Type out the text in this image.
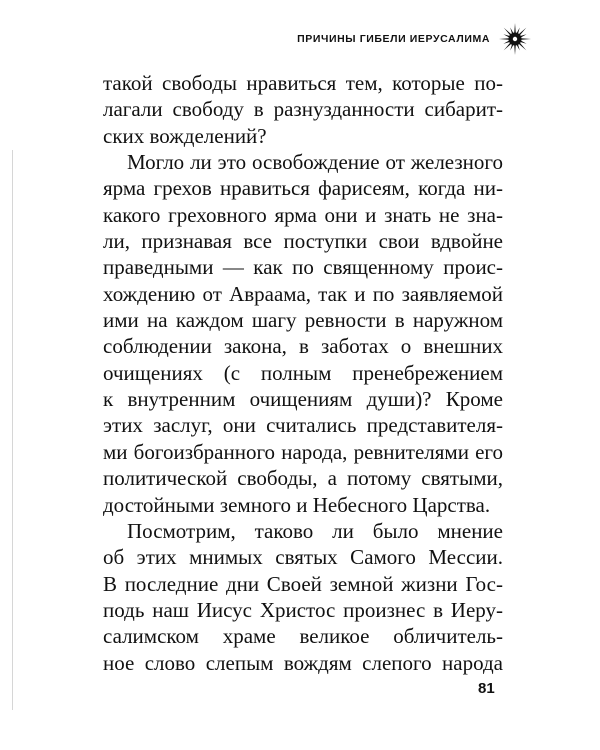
ПРИЧИНЫ ГИБЕЛИ ИЕРУСАЛИМА
такой свободы нравиться тем, которые по-
лагали свободу в разнузданности сибарит-
ских вожделений?
Могло ли это освобождение от железного
ярма грехов нравиться фарисеям, когда ни-
какого греховного ярма они и знать не зна-
ли, признавая все поступки свои вдвойне
праведными — как по священному проис-
хождению от Авраама, так и по заявляемой
ими на каждом шагу ревности в наружном
соблюдении закона, в заботах о внешних
очищениях (с полным пренебрежением
к внутренним очищениям души)? Кроме
этих заслуг, они считались представителя-
ми богоизбранного народа, ревнителями его
политической свободы, а потому святыми,
достойными земного и Небесного Царства.
Посмотрим, таково ли было мнение
об этих мнимых святых Самого Мессии.
В последние дни Своей земной жизни Гос-
подь наш Иисус Христос произнес в Иеру-
салимском храме великое обличитель-
ное слово слепым вождям слепого народа
81
